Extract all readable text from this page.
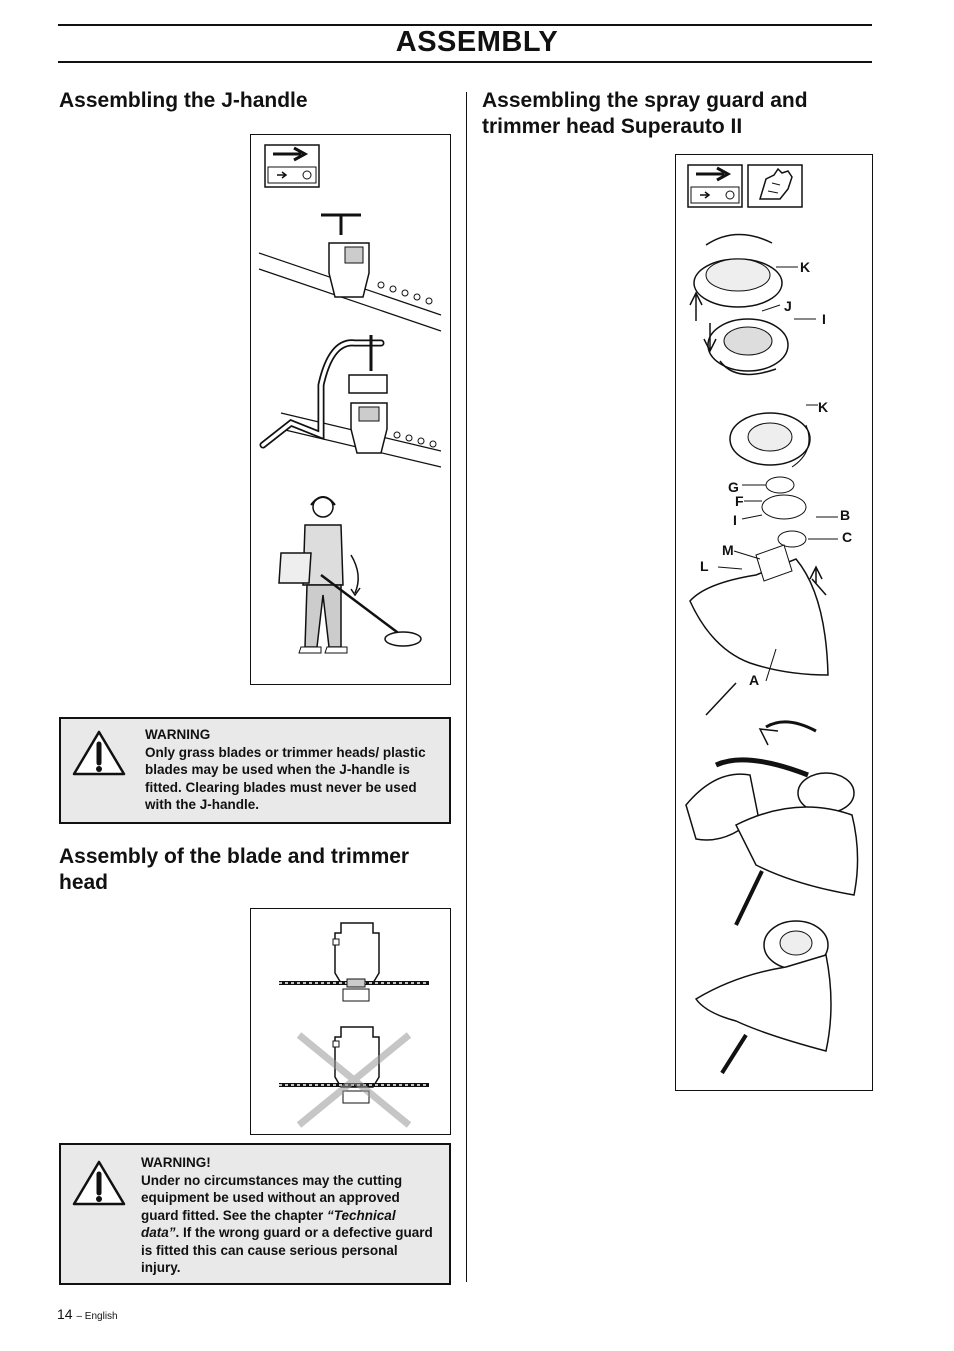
ASSEMBLY
Assembling the J-handle

WARNING

Only grass blades or trimmer heads/ plastic blades may be used when the J-handle is fitted. Clearing blades must never be used with the J-handle.

Assembly of the blade and trimmer head

WARNING!

Under no circumstances may the cutting equipment be used without an approved guard fitted. See the chapter “Technical data”. If the wrong guard or a defective guard is fitted this can cause serious personal injury.

Assembling the spray guard and
trimmer head Superauto II
K
J
I
K
G
F
I	B
C
M
L
A
14 – English
